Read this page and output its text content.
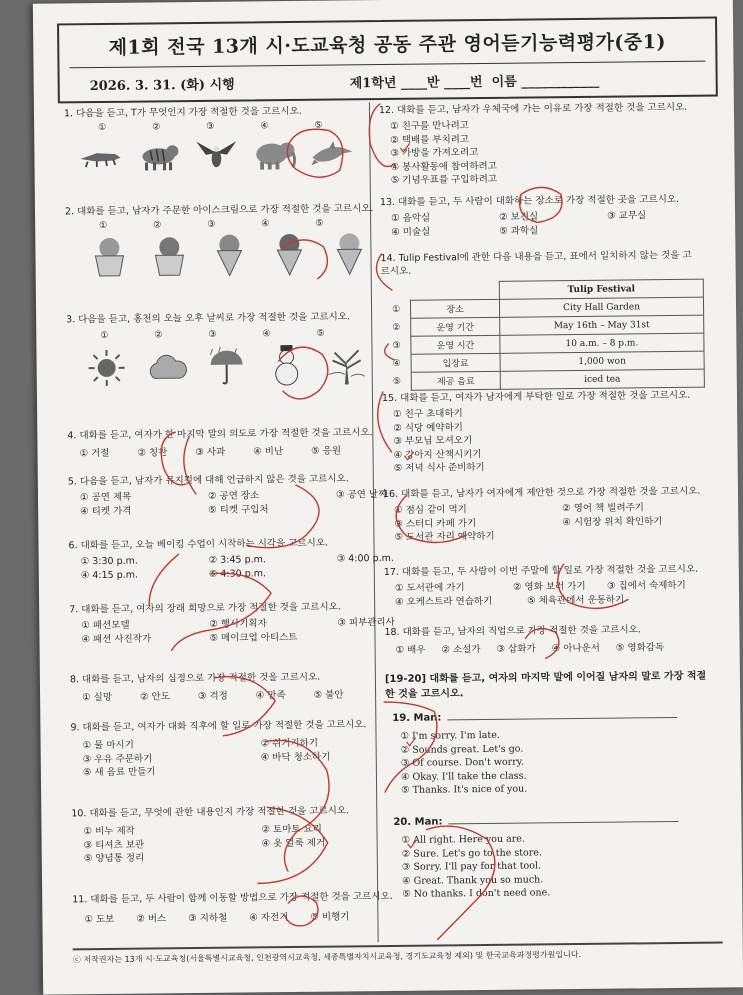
제1회 전국 13개 시·도교육청 공동 주관 영어듣기능력평가(중1)
2026. 3. 31. (화) 시행	제1학년 ____반 ____번  이름 ____________
1. 다음을 듣고, T가 무엇인지 가장 적절한 것을 고르시오.
①	②	③	④	⑤
2. 대화를 듣고, 남자가 주문한 아이스크림으로 가장 적절한 것을 고르시오.
①	②	③	④	⑤
3. 다음을 듣고, 홍천의 오늘 오후 날씨로 가장 적절한 것을 고르시오.
①	②	③	④	⑤
4. 대화를 듣고, 여자가 한 마지막 말의 의도로 가장 적절한 것을 고르시오.
① 거절	② 칭찬	③ 사과	④ 비난	⑤ 응원
5. 다음을 듣고, 남자가 뮤지컬에 대해 언급하지 않은 것을 고르시오.
① 공연 제목	② 공연 장소	③ 공연 날짜
④ 티켓 가격	⑤ 티켓 구입처
6. 대화를 듣고, 오늘 베이킹 수업이 시작하는 시각을 고르시오.
① 3:30 p.m.	② 3:45 p.m.	③ 4:00 p.m.
④ 4:15 p.m.	⑤ 4:30 p.m.
7. 대화를 듣고, 여자의 장래 희망으로 가장 적절한 것을 고르시오.
① 패션모델	② 행사기획자	③ 피부관리사
④ 패션 사진작가	⑤ 메이크업 아티스트
8. 대화를 듣고, 남자의 심정으로 가장 적절한 것을 고르시오.
① 실망	② 안도	③ 걱정	④ 만족	⑤ 불안
9. 대화를 듣고, 여자가 대화 직후에 할 일로 가장 적절한 것을 고르시오.
① 물 마시기	② 쉬거지하기
③ 우유 주문하기	④ 바닥 청소하기
⑤ 새 음료 만들기
10. 대화를 듣고, 무엇에 관한 내용인지 가장 적절한 것을 고르시오.
① 비누 제작	② 토마토 요리
③ 티셔츠 보관	④ 옷 얼룩 제거
⑤ 양념통 정리
11. 대화를 듣고, 두 사람이 함께 이동할 방법으로 가장 적절한 것을 고르시오.
① 도보 ② 버스 ③ 지하철 ④ 자전거 ⑤ 비행기
12. 대화를 듣고, 남자가 우체국에 가는 이유로 가장 적절한 것을 고르시오.
① 친구를 만나려고
② 택배를 부치려고
③ 가방을 가져오려고
④ 봉사활동에 참여하려고
⑤ 기념우표를 구입하려고
13. 대화를 듣고, 두 사람이 대화하는 장소로 가장 적절한 곳을 고르시오.
① 음악실	② 보건실	③ 교무실
④ 미술실	⑤ 과학실
14. Tulip Festival에 관한 다음 내용을 듣고, 표에서 일치하지 않는 것을 고르시오.
		Tulip Festival
①	장소	City Hall Garden
②	운영 기간	May 16th – May 31st
③	운영 시간	10 a.m. – 8 p.m.
④	입장료	1,000 won
⑤	제공 음료	iced tea
15. 대화를 듣고, 여자가 남자에게 부탁한 일로 가장 적절한 것을 고르시오.
① 친구 초대하기
② 식당 예약하기
③ 부모님 모셔오기
④ 강아지 산책시키기
⑤ 저녁 식사 준비하기
16. 대화를 듣고, 남자가 여자에게 제안한 것으로 가장 적절한 것을 고르시오.
① 점심 같이 먹기	② 영어 책 빌려주기
③ 스터디 카페 가기	④ 시험장 위치 확인하기
⑤ 도서관 자리 예약하기
17. 대화를 듣고, 두 사람이 이번 주말에 할 일로 가장 적절한 것을 고르시오.
① 도서관에 가기	② 영화 보러 가기 ③ 집에서 숙제하기
④ 오케스트라 연습하기	⑤ 체육관에서 운동하기
18. 대화를 듣고, 남자의 직업으로 가장 적절한 것을 고르시오.
① 배우 ② 소설가 ③ 삽화가 ④ 아나운서 ⑤ 영화감독
[19-20] 대화를 듣고, 여자의 마지막 말에 이어질 남자의 말로 가장 적절한 것을 고르시오.
19. Man:
① I'm sorry. I'm late.
② Sounds great. Let's go.
③ Of course. Don't worry.
④ Okay. I'll take the class.
⑤ Thanks. It's nice of you.
20. Man:
① All right. Here you are.
② Sure. Let's go to the store.
③ Sorry. I'll pay for that tool.
④ Great. Thank you so much.
⑤ No thanks. I don't need one.
ⓒ 저작권자는 13개 시·도교육청(서울특별시교육청, 인천광역시교육청, 세종특별자치시교육청, 경기도교육청 제외) 및 한국교육과정평가원입니다.
